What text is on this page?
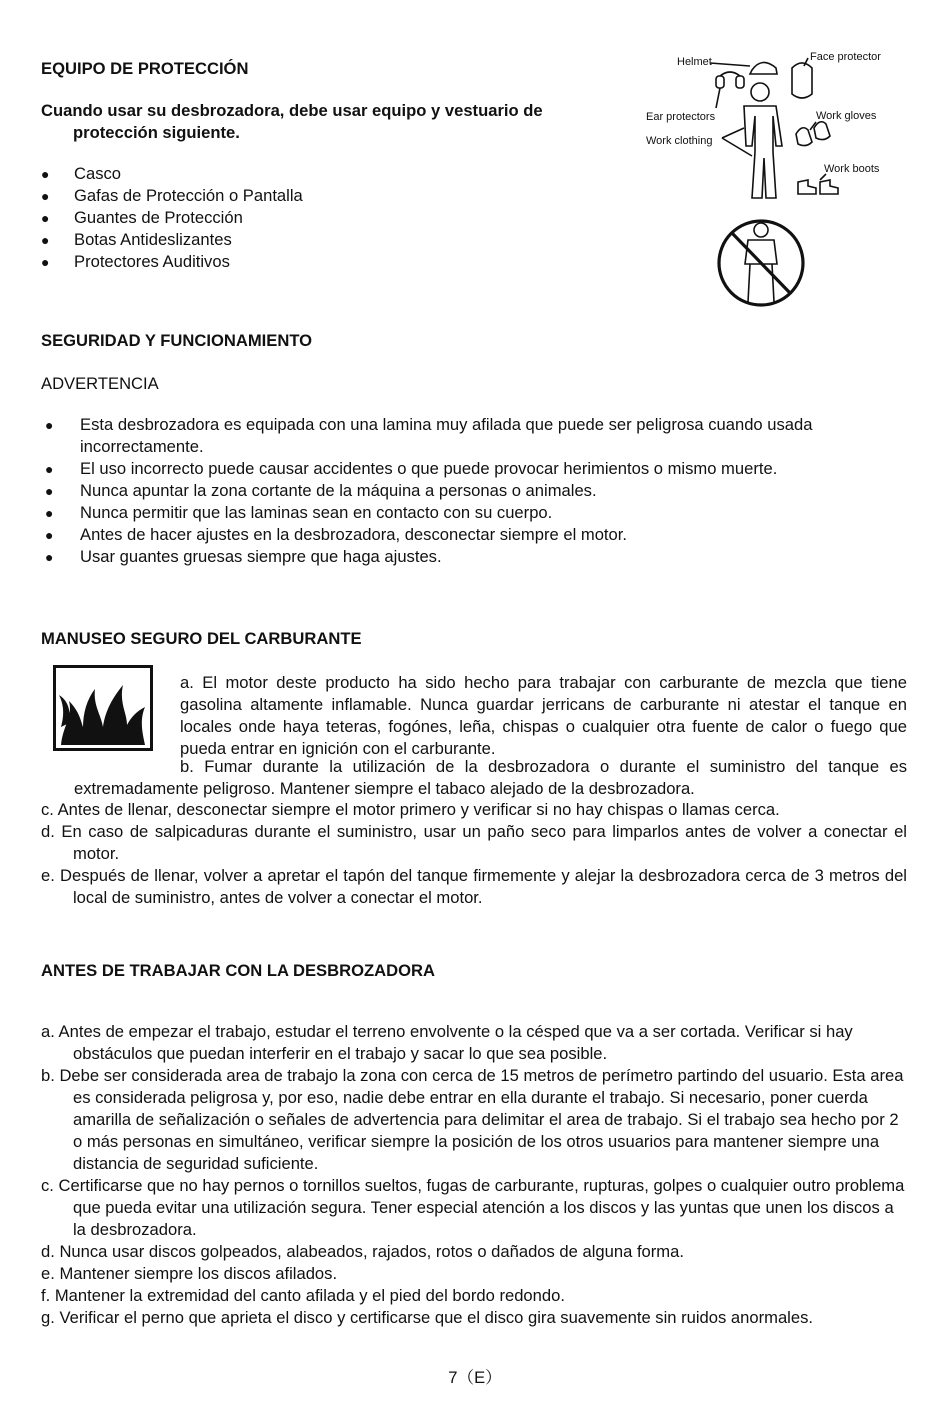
EQUIPO DE PROTECCIÓN

Cuando usar su desbrozadora, debe usar equipo y vestuario de protección siguiente.

● Casco
● Gafas de Protección o Pantalla
● Guantes de Protección
● Botas Antideslizantes
● Protectores Auditivos
Helmet	Face protector
Ear protectors	Work gloves
Work clothing
Work boots
SEGURIDAD Y FUNCIONAMIENTO

ADVERTENCIA

● Esta desbrozadora es equipada con una lamina muy afilada que puede ser peligrosa cuando usada incorrectamente.
● El uso incorrecto puede causar accidentes o que puede provocar herimientos o mismo muerte.
● Nunca apuntar la zona cortante de la máquina a personas o animales.
● Nunca permitir que las laminas sean en contacto con su cuerpo.
● Antes de hacer ajustes en la desbrozadora, desconectar siempre el motor.
● Usar guantes gruesas siempre que haga ajustes.
MANUSEO SEGURO DEL CARBURANTE

a. El motor deste producto ha sido hecho para trabajar con carburante de mezcla que tiene gasolina altamente inflamable. Nunca guardar jerricans de carburante ni atestar el tanque en locales onde haya teteras, fogónes, leña, chispas o cualquier otra fuente de calor o fuego que pueda entrar en ignición con el carburante.

b. Fumar durante la utilización de la desbrozadora o durante el suministro del tanque es

extremadamente peligroso. Mantener siempre el tabaco alejado de la desbrozadora.

c. Antes de llenar, desconectar siempre el motor primero y verificar si no hay chispas o llamas cerca.

d. En caso de salpicaduras durante el suministro, usar un paño seco para limparlos antes de volver a conectar el motor.

e. Después de llenar, volver a apretar el tapón del tanque firmemente y alejar la desbrozadora cerca de 3 metros del local de suministro, antes de volver a conectar el motor.

ANTES DE TRABAJAR CON LA DESBROZADORA

a. Antes de empezar el trabajo, estudar el terreno envolvente o la césped que va a ser cortada. Verificar si hay obstáculos que puedan interferir en el trabajo y sacar lo que sea posible.

b. Debe ser considerada area de trabajo la zona con cerca de 15 metros de perímetro partindo del usuario. Esta area es considerada peligrosa y, por eso, nadie debe entrar en ella durante el trabajo. Si necesario, poner cuerda amarilla de señalización o señales de advertencia para delimitar el area de trabajo. Si el trabajo sea hecho por 2 o más personas en simultáneo, verificar siempre la posición de los otros usuarios para mantener siempre una distancia de seguridad suficiente.

c. Certificarse que no hay pernos o tornillos sueltos, fugas de carburante, rupturas, golpes o cualquier outro problema que pueda evitar una utilización segura. Tener especial atención a los discos y las yuntas que unen los discos a la desbrozadora.

d. Nunca usar discos golpeados, alabeados, rajados, rotos o dañados de alguna forma.

e. Mantener siempre los discos afilados.

f. Mantener la extremidad del canto afilada y el pied del bordo redondo.

g. Verificar el perno que aprieta el disco y certificarse que el disco gira suavemente sin ruidos anormales.

7（E）
